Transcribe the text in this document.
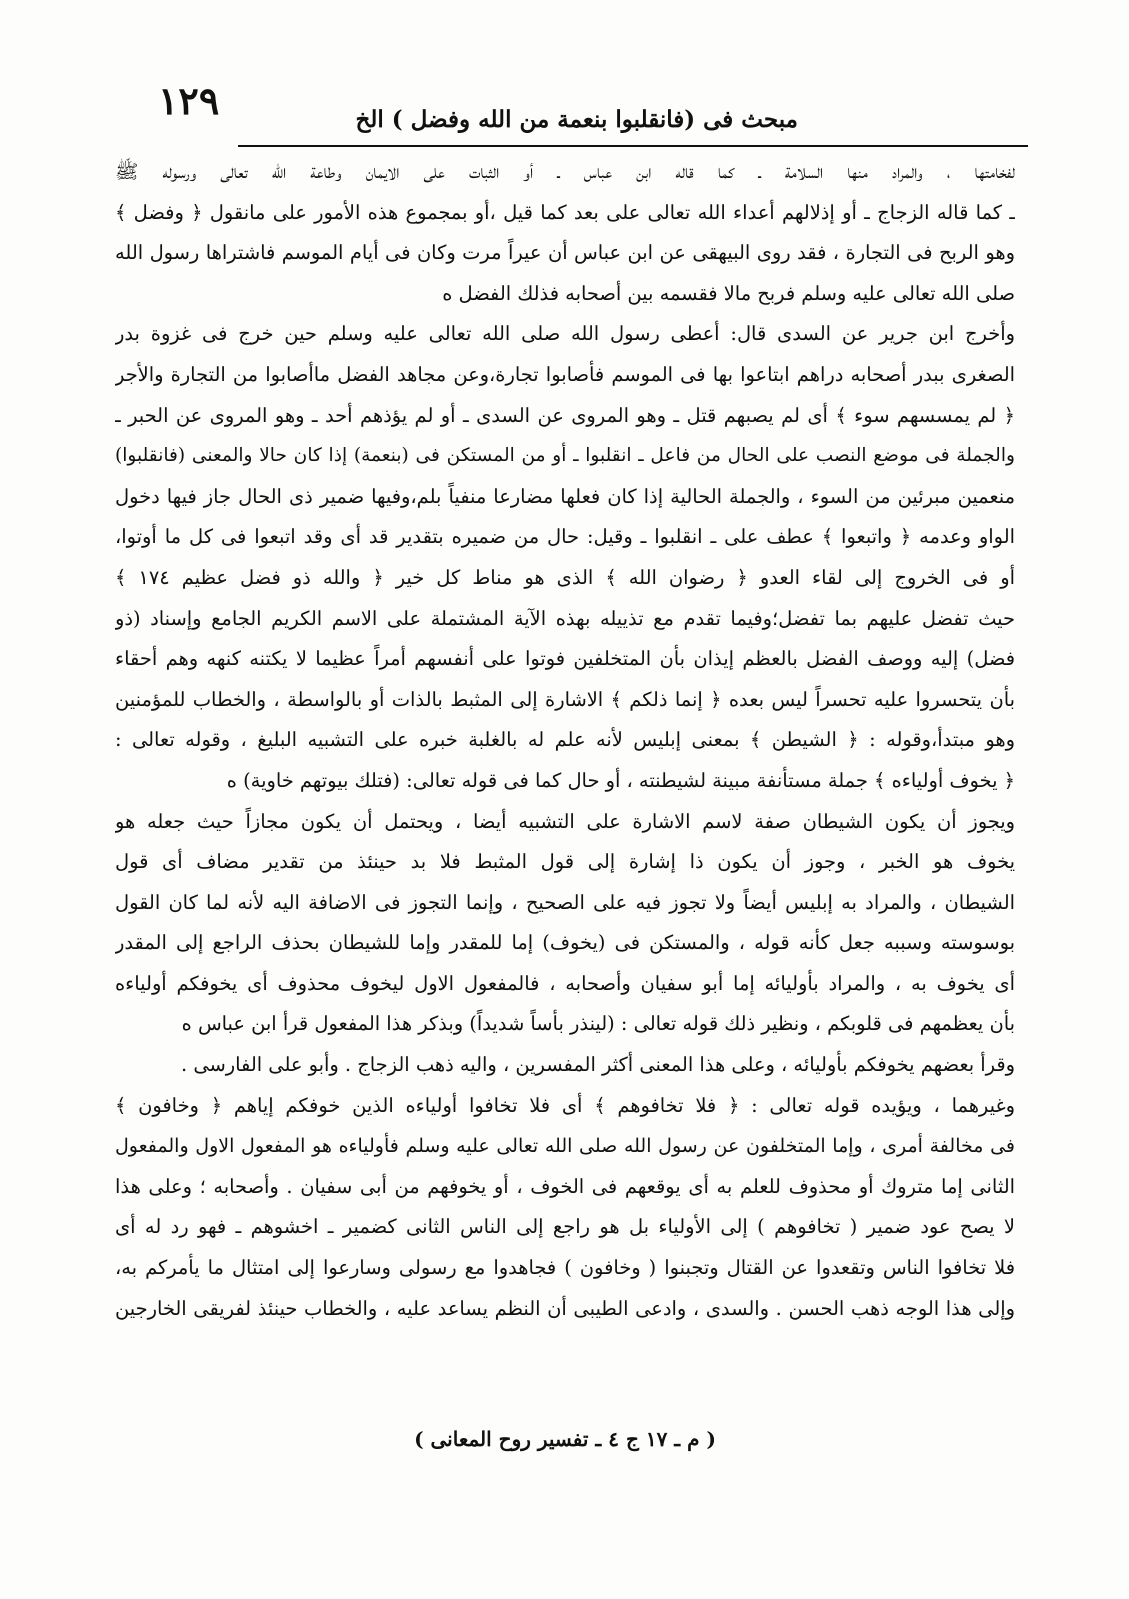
١٢٩	مبحث فى (فانقلبوا بنعمة من الله وفضل ) الخ
لفخامتها ، والمراد منها السلامة ـ كما قاله ابن عباس ـ أو الثبات على الايمان وطاعة الله تعالى ورسوله ﷺ
ـ كما قاله الزجاج ـ أو إذلالهم أعداء الله تعالى على بعد كما قيل ،أو بمجموع هذه الأمور على مانقول ﴿ وفضل ﴾
وهو الربح فى التجارة ، فقد روى البيهقى عن ابن عباس أن عيراً مرت وكان فى أيام الموسم فاشتراها رسول الله
صلى الله تعالى عليه وسلم فربح مالا فقسمه بين أصحابه فذلك الفضل ه
وأخرج ابن جرير عن السدى قال: أعطى رسول الله صلى الله تعالى عليه وسلم حين خرج فى غزوة بدر
الصغرى ببدر أصحابه دراهم ابتاعوا بها فى الموسم فأصابوا تجارة،وعن مجاهد الفضل ماأصابوا من التجارة والأجر
﴿ لم يمسسهم سوء ﴾ أى لم يصبهم قتل ـ وهو المروى عن السدى ـ أو لم يؤذهم أحد ـ وهو المروى عن الحبر ـ
والجملة فى موضع النصب على الحال من فاعل ـ انقلبوا ـ أو من المستكن فى (بنعمة) إذا كان حالا والمعنى (فانقلبوا)
منعمين مبرئين من السوء ، والجملة الحالية إذا كان فعلها مضارعا منفياً بلم،وفيها ضمير ذى الحال جاز فيها دخول
الواو وعدمه ﴿ واتبعوا ﴾ عطف على ـ انقلبوا ـ وقيل: حال من ضميره بتقدير قد أى وقد اتبعوا فى كل ما أوتوا،
أو فى الخروج إلى لقاء العدو ﴿ رضوان الله ﴾ الذى هو مناط كل خير ﴿ والله ذو فضل عظيم ١٧٤ ﴾
حيث تفضل عليهم بما تفضل؛وفيما تقدم مع تذييله بهذه الآية المشتملة على الاسم الكريم الجامع وإسناد (ذو
فضل) إليه ووصف الفضل بالعظم إيذان بأن المتخلفين فوتوا على أنفسهم أمراً عظيما لا يكتنه كنهه وهم أحقاء
بأن يتحسروا عليه تحسراً ليس بعده ﴿ إنما ذلكم ﴾ الاشارة إلى المثبط بالذات أو بالواسطة ، والخطاب للمؤمنين
وهو مبتدأ،وقوله : ﴿ الشيطن ﴾ بمعنى إبليس لأنه علم له بالغلبة خبره على التشبيه البليغ ، وقوله تعالى :
﴿ يخوف أولياءه ﴾ جملة مستأنفة مبينة لشيطنته ، أو حال كما فى قوله تعالى: (فتلك بيوتهم خاوية) ه
ويجوز أن يكون الشيطان صفة لاسم الاشارة على التشبيه أيضا ، ويحتمل أن يكون مجازاً حيث جعله هو
يخوف هو الخبر ، وجوز أن يكون ذا إشارة إلى قول المثبط فلا بد حينئذ من تقدير مضاف أى قول
الشيطان ، والمراد به إبليس أيضاً ولا تجوز فيه على الصحيح ، وإنما التجوز فى الاضافة اليه لأنه لما كان القول
بوسوسته وسببه جعل كأنه قوله ، والمستكن فى (يخوف) إما للمقدر وإما للشيطان بحذف الراجع إلى المقدر
أى يخوف به ، والمراد بأوليائه إما أبو سفيان وأصحابه ، فالمفعول الاول ليخوف محذوف أى يخوفكم أولياءه
بأن يعظمهم فى قلوبكم ، ونظير ذلك قوله تعالى : (لينذر بأساً شديداً) وبذكر هذا المفعول قرأ ابن عباس ه
وقرأ بعضهم يخوفكم بأوليائه ، وعلى هذا المعنى أكثر المفسرين ، واليه ذهب الزجاج . وأبو على الفارسى .
وغيرهما ، ويؤيده قوله تعالى : ﴿ فلا تخافوهم ﴾ أى فلا تخافوا أولياءه الذين خوفكم إياهم ﴿ وخافون ﴾
فى مخالفة أمرى ، وإما المتخلفون عن رسول الله صلى الله تعالى عليه وسلم فأولياءه هو المفعول الاول والمفعول
الثانى إما متروك أو محذوف للعلم به أى يوقعهم فى الخوف ، أو يخوفهم من أبى سفيان . وأصحابه ؛ وعلى هذا
لا يصح عود ضمير ( تخافوهم ) إلى الأولياء بل هو راجع إلى الناس الثانى كضمير ـ اخشوهم ـ فهو رد له أى
فلا تخافوا الناس وتقعدوا عن القتال وتجبنوا ( وخافون ) فجاهدوا مع رسولى وسارعوا إلى امتثال ما يأمركم به،
وإلى هذا الوجه ذهب الحسن . والسدى ، وادعى الطيبى أن النظم يساعد عليه ، والخطاب حينئذ لفريقى الخارجين
( م ـ ١٧ ج ٤ ـ تفسير روح المعانى )
